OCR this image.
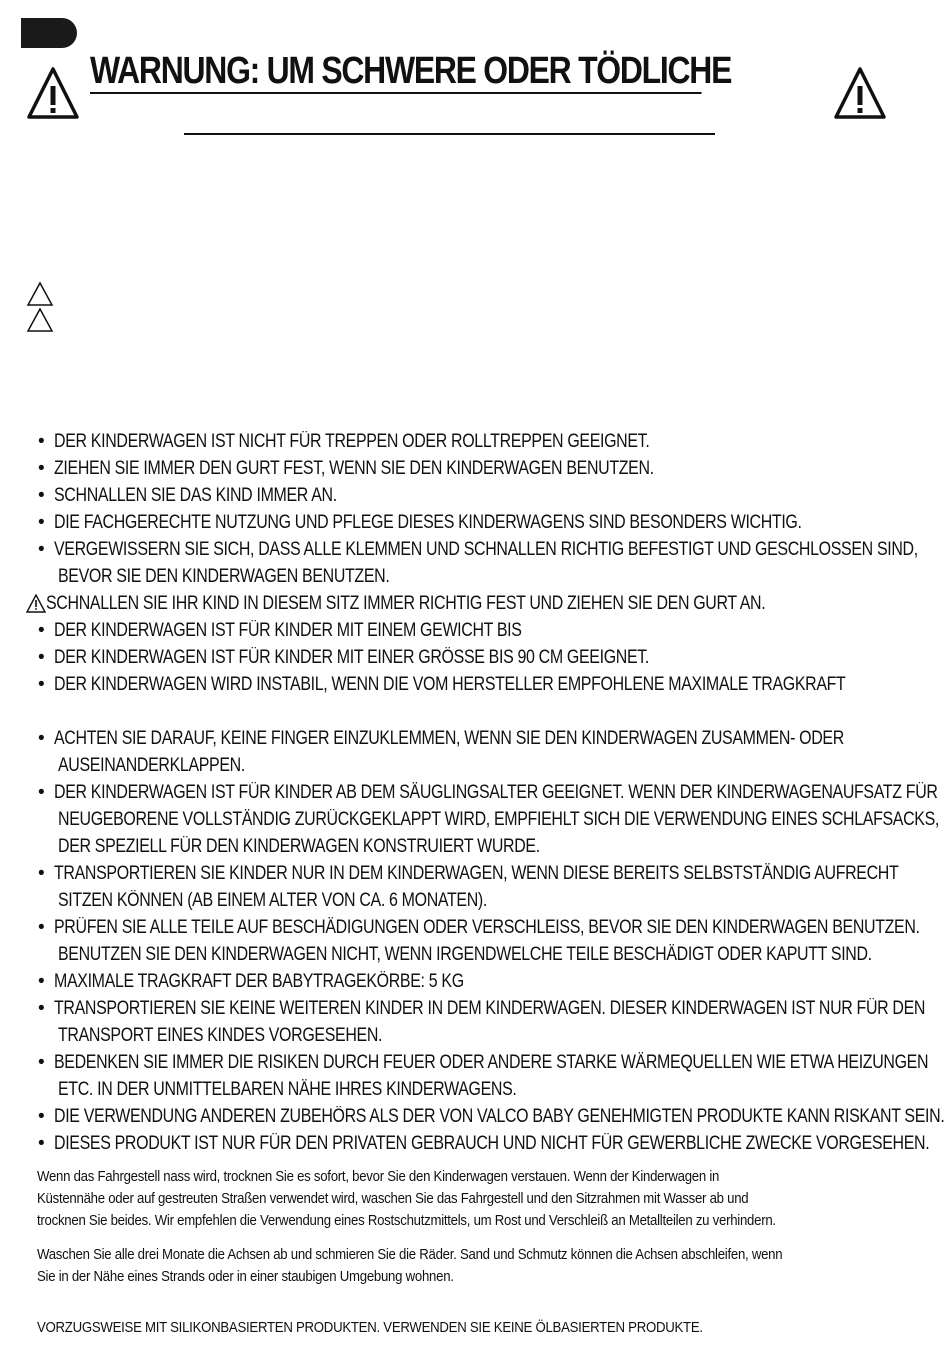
WARNUNG: UM SCHWERE ODER TÖDLICHE
• DER KINDERWAGEN IST NICHT FÜR TREPPEN ODER ROLLTREPPEN GEEIGNET.
• ZIEHEN SIE IMMER DEN GURT FEST, WENN SIE DEN KINDERWAGEN BENUTZEN.
• SCHNALLEN SIE DAS KIND IMMER AN.
• DIE FACHGERECHTE NUTZUNG UND PFLEGE DIESES KINDERWAGENS SIND BESONDERS WICHTIG.
• VERGEWISSERN SIE SICH, DASS ALLE KLEMMEN UND SCHNALLEN RICHTIG BEFESTIGT UND GESCHLOSSEN SIND,
BEVOR SIE DEN KINDERWAGEN BENUTZEN.
SCHNALLEN SIE IHR KIND IN DIESEM SITZ IMMER RICHTIG FEST UND ZIEHEN SIE DEN GURT AN.
• DER KINDERWAGEN IST FÜR KINDER MIT EINEM GEWICHT BIS
• DER KINDERWAGEN IST FÜR KINDER MIT EINER GRÖSSE BIS 90 CM GEEIGNET.
• DER KINDERWAGEN WIRD INSTABIL, WENN DIE VOM HERSTELLER EMPFOHLENE MAXIMALE TRAGKRAFT
• ACHTEN SIE DARAUF, KEINE FINGER EINZUKLEMMEN, WENN SIE DEN KINDERWAGEN ZUSAMMEN- ODER
AUSEINANDERKLAPPEN.
• DER KINDERWAGEN IST FÜR KINDER AB DEM SÄUGLINGSALTER GEEIGNET. WENN DER KINDERWAGENAUFSATZ FÜR
NEUGEBORENE VOLLSTÄNDIG ZURÜCKGEKLAPPT WIRD, EMPFIEHLT SICH DIE VERWENDUNG EINES SCHLAFSACKS,
DER SPEZIELL FÜR DEN KINDERWAGEN KONSTRUIERT WURDE.
• TRANSPORTIEREN SIE KINDER NUR IN DEM KINDERWAGEN, WENN DIESE BEREITS SELBSTSTÄNDIG AUFRECHT
SITZEN KÖNNEN (AB EINEM ALTER VON CA. 6 MONATEN).
• PRÜFEN SIE ALLE TEILE AUF BESCHÄDIGUNGEN ODER VERSCHLEISS, BEVOR SIE DEN KINDERWAGEN BENUTZEN.
BENUTZEN SIE DEN KINDERWAGEN NICHT, WENN IRGENDWELCHE TEILE BESCHÄDIGT ODER KAPUTT SIND.
• MAXIMALE TRAGKRAFT DER BABYTRAGEKÖRBE: 5 KG
• TRANSPORTIEREN SIE KEINE WEITEREN KINDER IN DEM KINDERWAGEN. DIESER KINDERWAGEN IST NUR FÜR DEN
TRANSPORT EINES KINDES VORGESEHEN.
• BEDENKEN SIE IMMER DIE RISIKEN DURCH FEUER ODER ANDERE STARKE WÄRMEQUELLEN WIE ETWA HEIZUNGEN
ETC. IN DER UNMITTELBAREN NÄHE IHRES KINDERWAGENS.
• DIE VERWENDUNG ANDEREN ZUBEHÖRS ALS DER VON VALCO BABY GENEHMIGTEN PRODUKTE KANN RISKANT SEIN.
• DIESES PRODUKT IST NUR FÜR DEN PRIVATEN GEBRAUCH UND NICHT FÜR GEWERBLICHE ZWECKE VORGESEHEN.
Wenn das Fahrgestell nass wird, trocknen Sie es sofort, bevor Sie den Kinderwagen verstauen. Wenn der Kinderwagen in
Küstennähe oder auf gestreuten Straßen verwendet wird, waschen Sie das Fahrgestell und den Sitzrahmen mit Wasser ab und
trocknen Sie beides. Wir empfehlen die Verwendung eines Rostschutzmittels, um Rost und Verschleiß an Metallteilen zu verhindern.
Waschen Sie alle drei Monate die Achsen ab und schmieren Sie die Räder. Sand und Schmutz können die Achsen abschleifen, wenn
Sie in der Nähe eines Strands oder in einer staubigen Umgebung wohnen.
VORZUGSWEISE MIT SILIKONBASIERTEN PRODUKTEN. VERWENDEN SIE KEINE ÖLBASIERTEN PRODUKTE.
